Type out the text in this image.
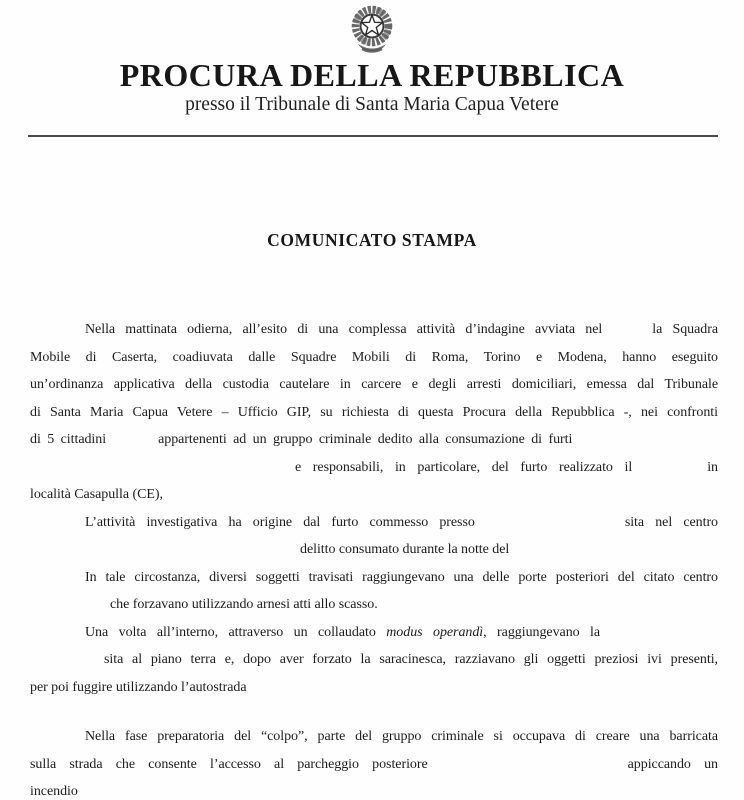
PROCURA DELLA REPUBBLICA
presso il Tribunale di Santa Maria Capua Vetere
COMUNICATO STAMPA
Nella mattinata odierna, all’esito di una complessa attività d’indagine avviata nel	la Squadra
Mobile di Caserta, coadiuvata dalle Squadre Mobili di Roma, Torino e Modena, hanno eseguito
un’ordinanza applicativa della custodia cautelare in carcere e degli arresti domiciliari, emessa dal Tribunale
di Santa Maria Capua Vetere – Ufficio GIP, su richiesta di questa Procura della Repubblica -, nei confronti
di 5 cittadini	appartenenti ad un gruppo criminale dedito alla consumazione di furti
e responsabili, in particolare, del furto realizzato il	in
località Casapulla (CE),
L’attività investigativa ha origine dal furto commesso presso	sita nel centro
delitto consumato durante la notte del
In tale circostanza, diversi soggetti travisati raggiungevano una delle porte posteriori del citato centro
che forzavano utilizzando arnesi atti allo scasso.
Una volta all’interno, attraverso un collaudato modus operandì, raggiungevano la
sita al piano terra e, dopo aver forzato la saracinesca, razziavano gli oggetti preziosi ivi presenti,
per poi fuggire utilizzando l’autostrada
Nella fase preparatoria del “colpo”, parte del gruppo criminale si occupava di creare una barricata
sulla strada che consente l’accesso al parcheggio posteriore	appiccando un
incendio
